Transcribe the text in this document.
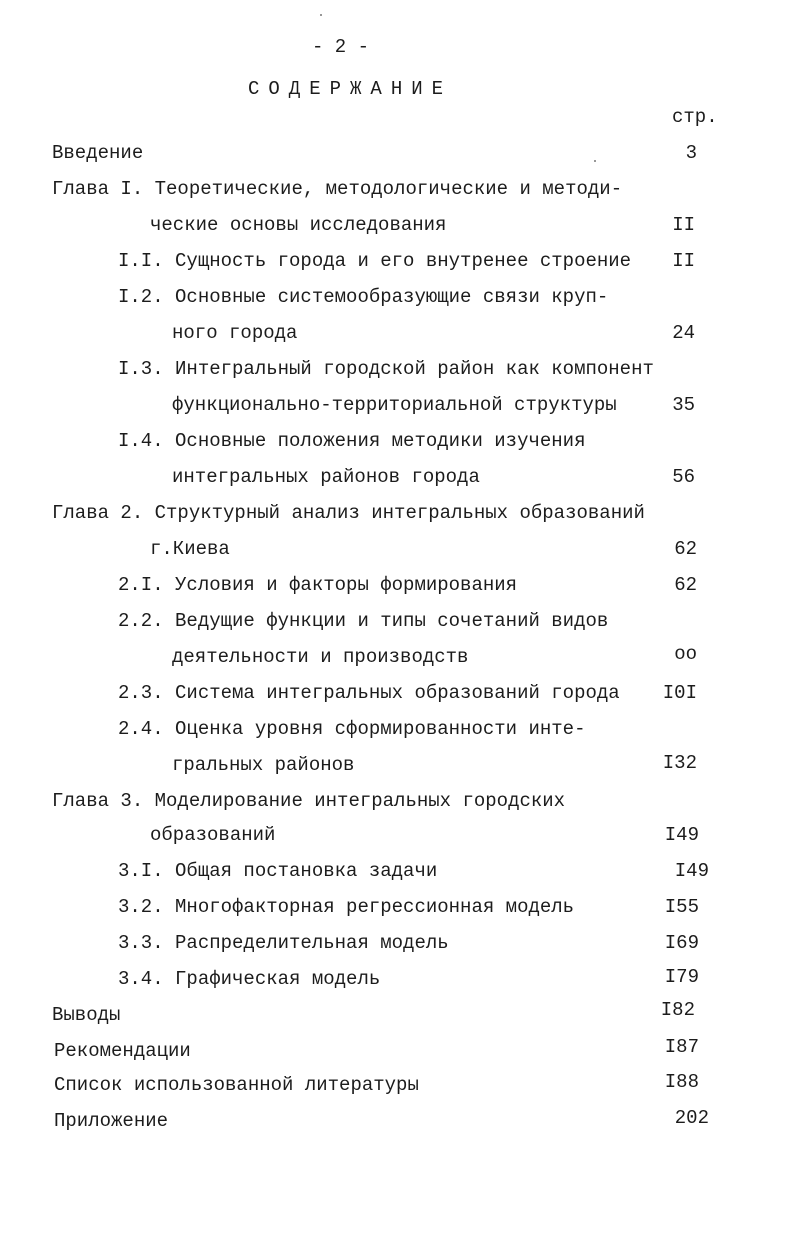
- 2 -
СОДЕРЖАНИЕ
стр.
Введение	3
Глава I. Теоретические, методологические и методи-
ческие основы исследования	II
I.I. Сущность города и его внутренее строение II
I.2. Основные системообразующие связи круп-
ного города	24
I.3. Интегральный городской район как компонент
функционально-территориальной структуры	35
I.4. Основные положения методики изучения
интегральных районов города	56
Глава 2. Структурный анализ интегральных образований
г.Киева	62
2.I. Условия и факторы формирования	62
2.2. Ведущие функции и типы сочетаний видов
деятельности и производств	oo
2.3. Система интегральных образований города I0I
2.4. Оценка уровня сформированности инте-
гральных районов	I32
Глава 3. Моделирование интегральных городских
образований	I49
3.I. Общая постановка задачи	I49
3.2. Многофакторная регрессионная модель	I55
3.3. Распределительная модель	I69
3.4. Графическая модель	I79
Выводы	I82
Рекомендации	I87
Список использованной литературы	I88
Приложение	202
